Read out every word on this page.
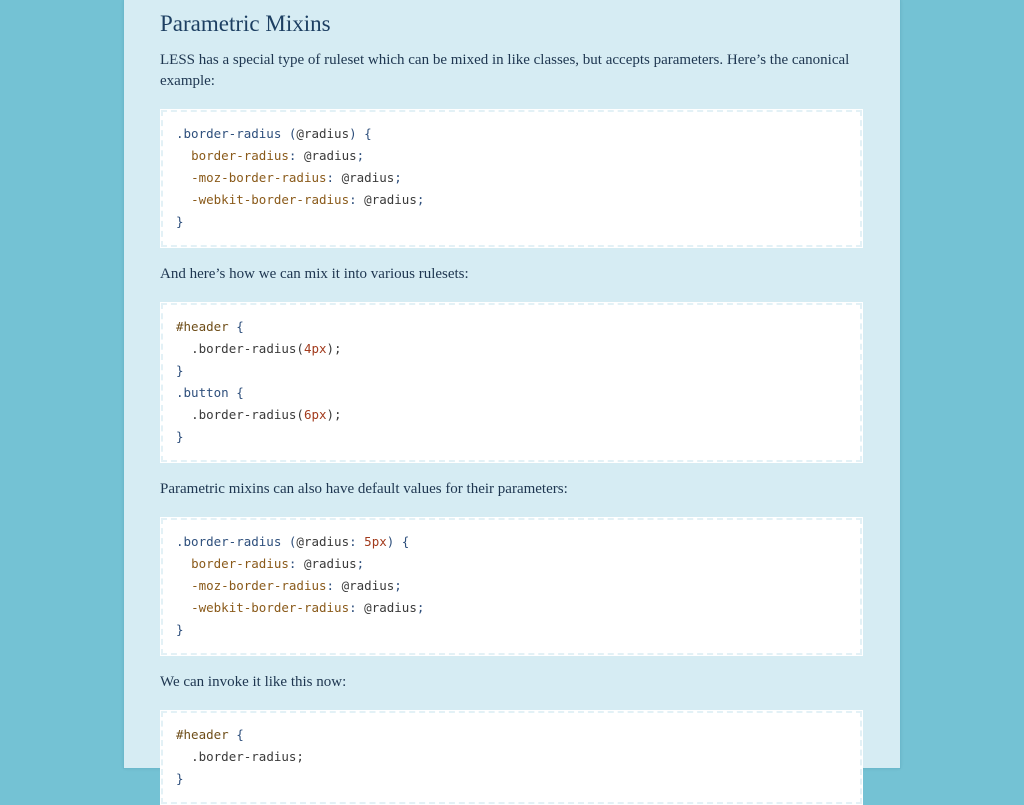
Parametric Mixins

LESS has a special type of ruleset which can be mixed in like classes, but accepts parameters. Here’s the canonical example:

.border-radius (@radius) {
border-radius: @radius;
-moz-border-radius: @radius;
-webkit-border-radius: @radius;
}

And here’s how we can mix it into various rulesets:

#header {
.border-radius(4px);
}
.button {
.border-radius(6px);
}

Parametric mixins can also have default values for their parameters:

.border-radius (@radius: 5px) {
border-radius: @radius;
-moz-border-radius: @radius;
-webkit-border-radius: @radius;
}

We can invoke it like this now:

#header {
.border-radius;
}
